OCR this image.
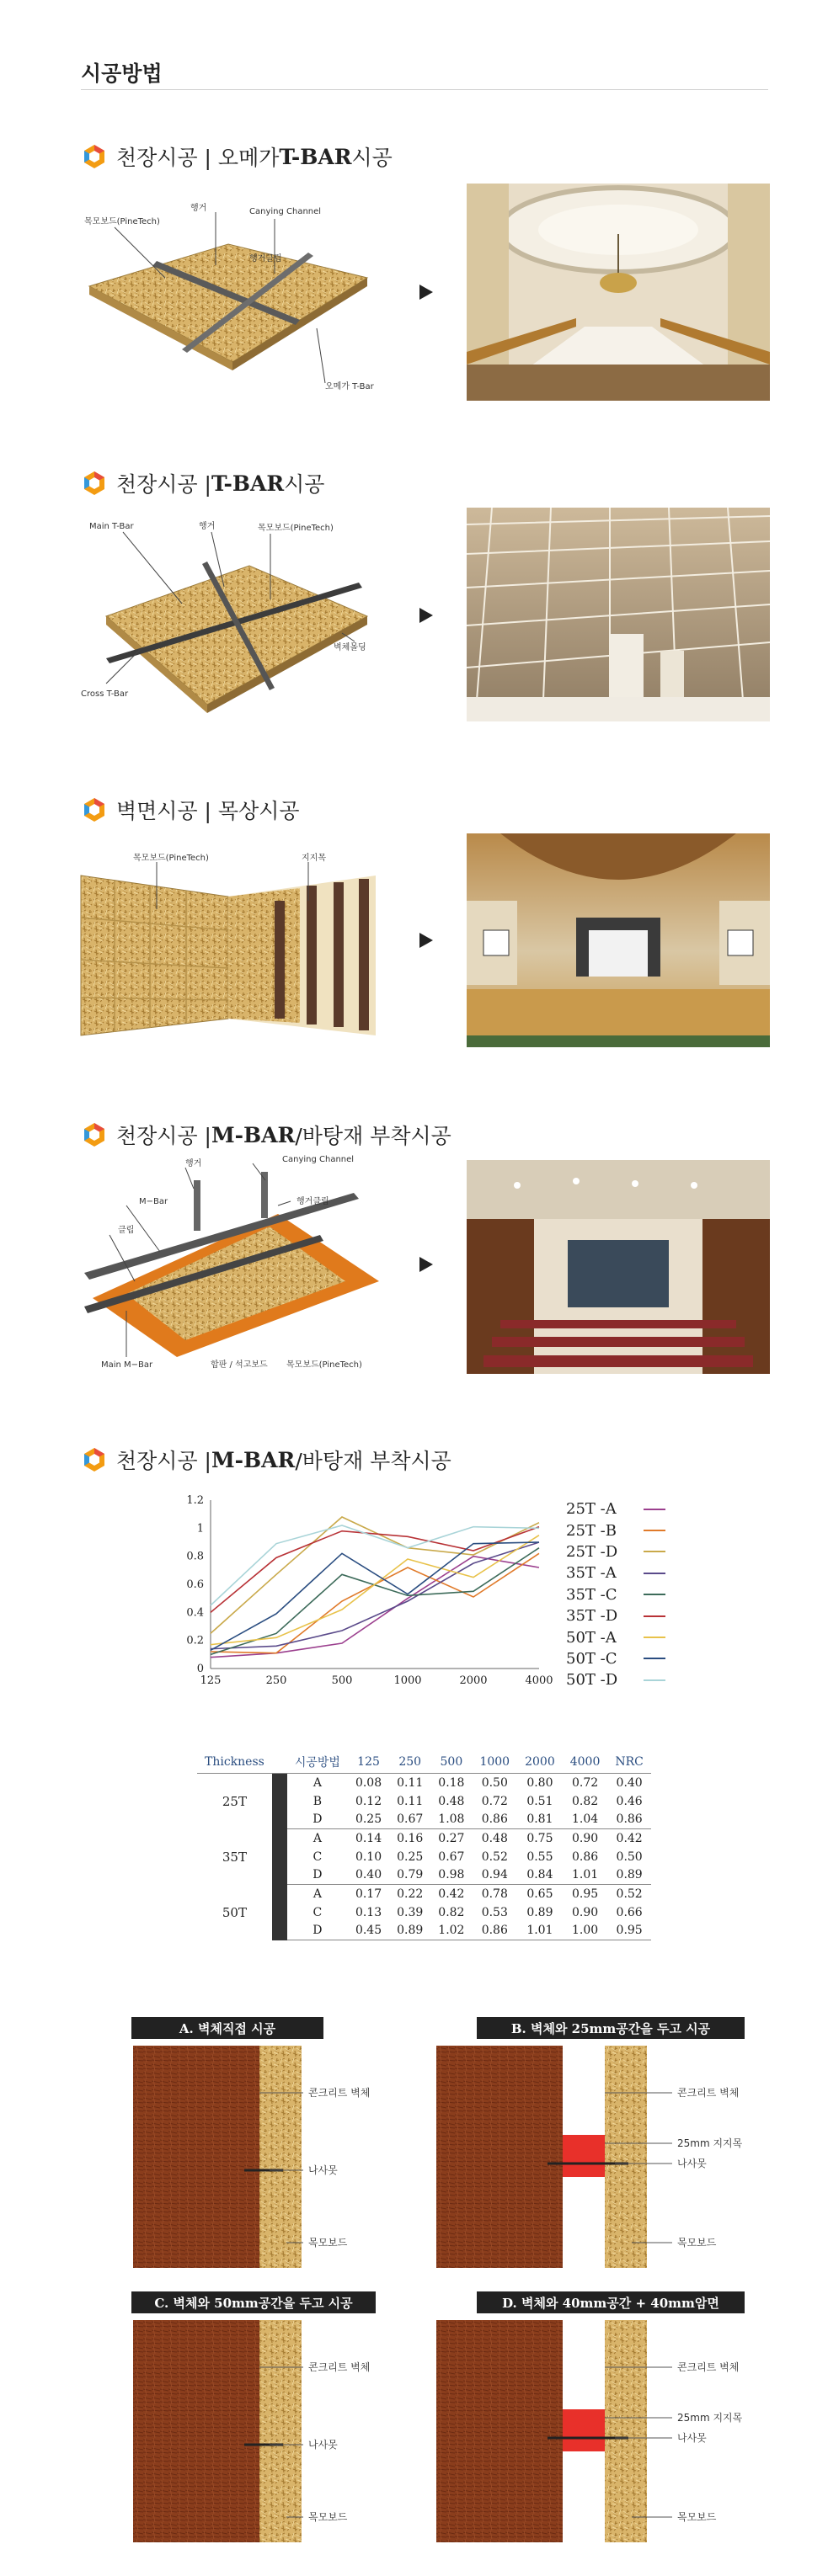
시공방법
천장시공 | 오메가 T-BAR 시공
행거	Canying Channel
목모보드(PineTech)
행거클립
오메가 T-Bar
천장시공 | T-BAR 시공
Main T-Bar	행거	목모보드(PineTech)
벽체몰딩
Cross T-Bar
벽면시공 | 목상시공
목모보드(PineTech)	지지목
천장시공 | M-BAR /바탕재 부착시공
Canying Channel
행거
M−Bar	행거클립
클립
Main M−Bar	합판 / 석고보드 목모보드(PineTech)
천장시공 | M-BAR /바탕재 부착시공
0
0.2
0.4
0.6
0.8
1
1.2
125	250	500	1000	2000	4000
25T -A
25T -B
25T -D
35T -A
35T -C
35T -D
50T -A
50T -C
50T -D
Thickness		시공방법	125	250	500	1000	2000	4000	NRC
25T		A	0.08	0.11	0.18	0.50	0.80	0.72	0.40
		B	0.12	0.11	0.48	0.72	0.51	0.82	0.46
		D	0.25	0.67	1.08	0.86	0.81	1.04	0.86
35T		A	0.14	0.16	0.27	0.48	0.75	0.90	0.42
		C	0.10	0.25	0.67	0.52	0.55	0.86	0.50
		D	0.40	0.79	0.98	0.94	0.84	1.01	0.89
50T		A	0.17	0.22	0.42	0.78	0.65	0.95	0.52
		C	0.13	0.39	0.82	0.53	0.89	0.90	0.66
		D	0.45	0.89	1.02	0.86	1.01	1.00	0.95
A. 벽체직접 시공
콘크리트 벽체
나사못
목모보드
B. 벽체와 25mm공간을 두고 시공
콘크리트 벽체
25mm 지지목
나사못
목모보드
C. 벽체와 50mm공간을 두고 시공
콘크리트 벽체
나사못
목모보드
D. 벽체와 40mm공간 + 40mm암면
콘크리트 벽체
25mm 지지목
나사못
목모보드
